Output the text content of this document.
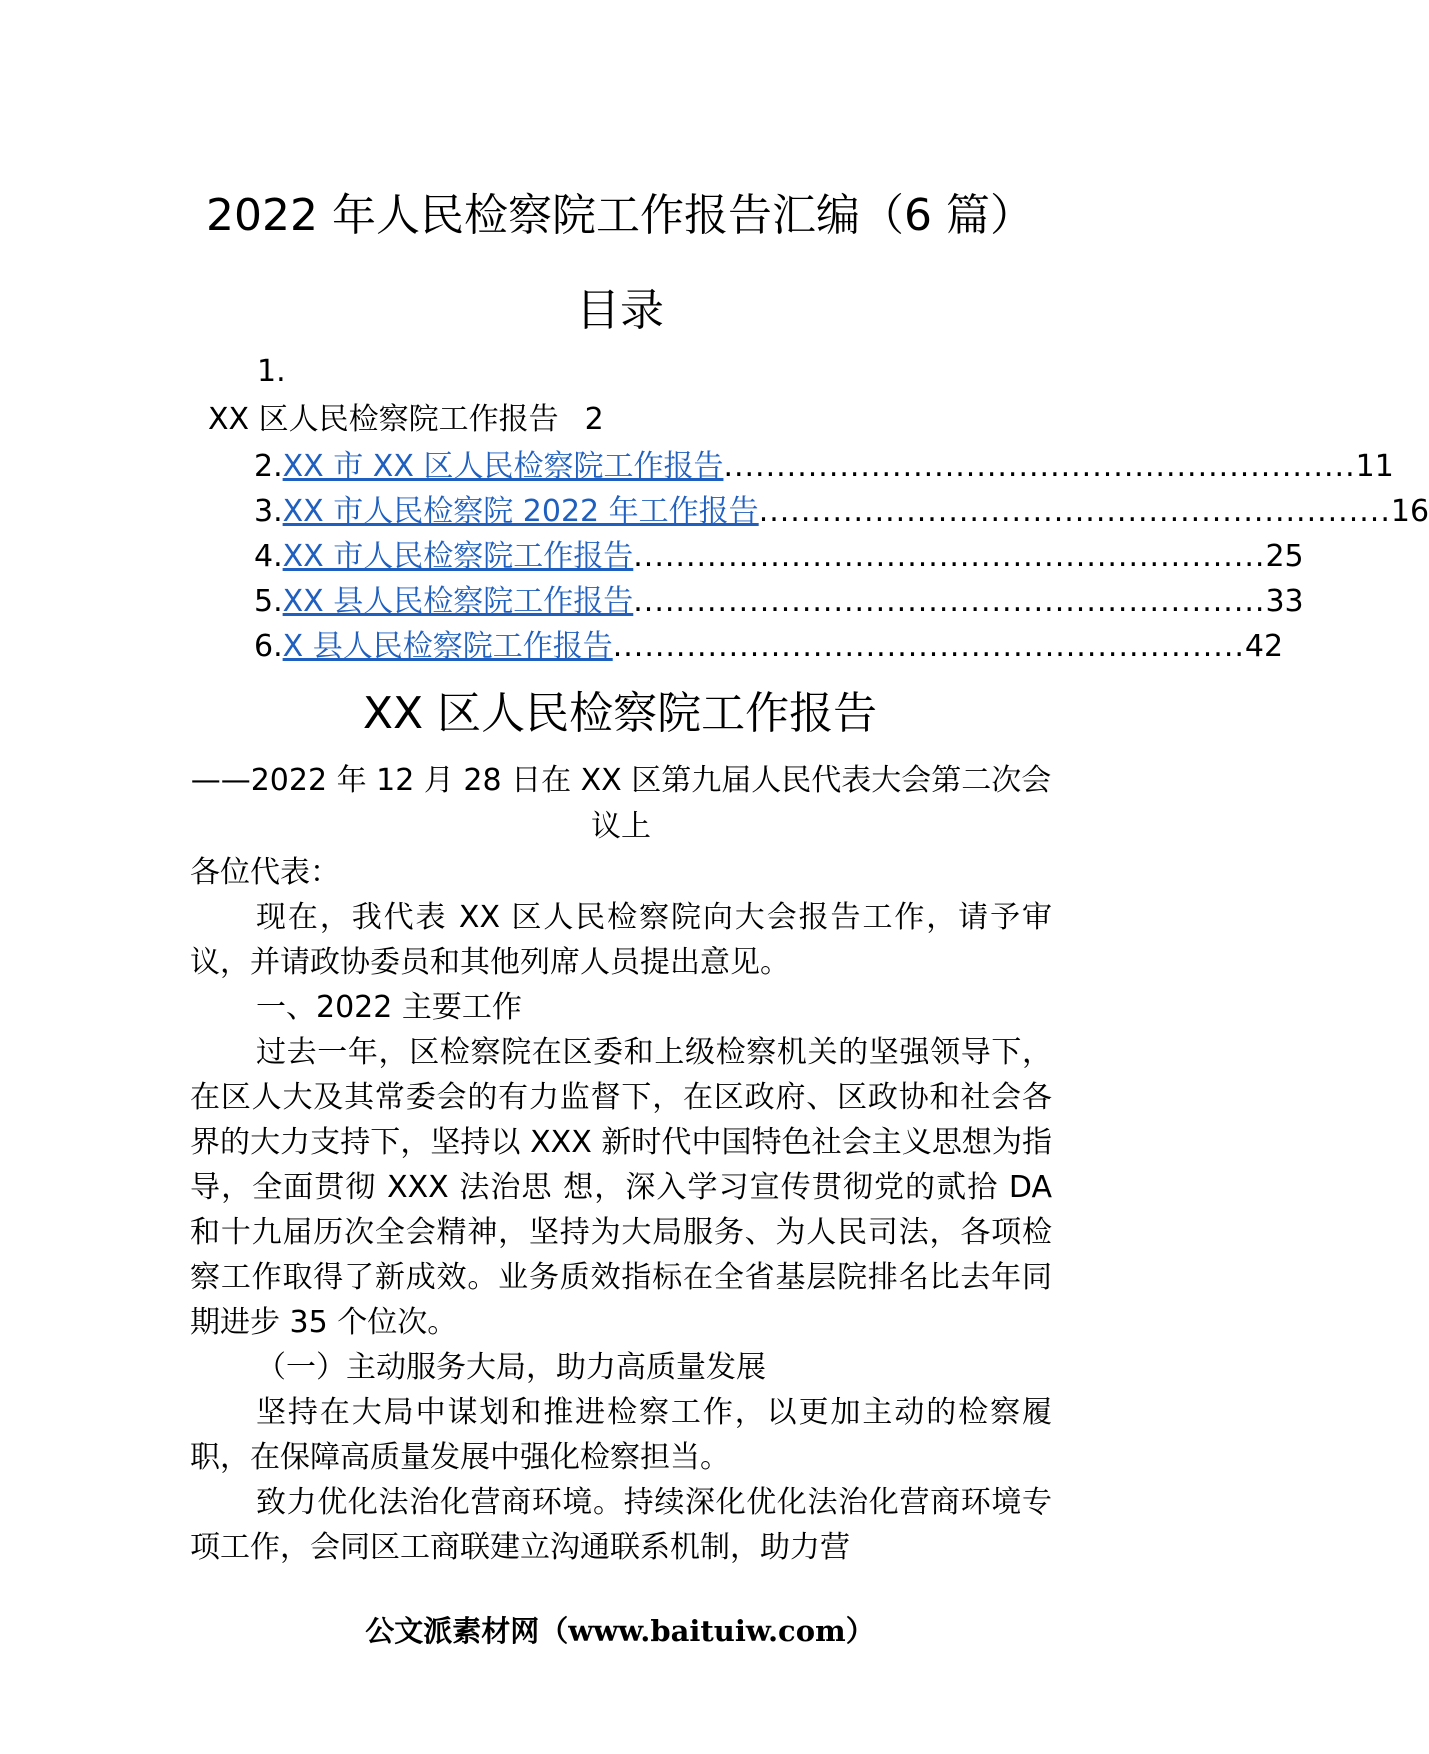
2022 年人民检察院工作报告汇编（6 篇）
目录
1.
XX 区人民检察院工作报告 2
2. XX 市 XX 区人民检察院工作报告 ............................................................ 11
3. XX 市人民检察院 2022 年工作报告 ............................................................ 16
4. XX 市人民检察院工作报告 ............................................................ 25
5. XX 县人民检察院工作报告 ............................................................ 33
6. X 县人民检察院工作报告 ............................................................ 42
XX 区人民检察院工作报告
——2022 年 12 月 28 日在 XX 区第九届人民代表大会第二次会议上

各位代表：

现在，我代表 XX 区人民检察院向大会报告工作，请予审议，并请政协委员和其他列席人员提出意见。

一、2022 主要工作

过去一年，区检察院在区委和上级检察机关的坚强领导下，在区人大及其常委会的有力监督下，在区政府、区政协和社会各界的大力支持下，坚持以 XXX 新时代中国特色社会主义思想为指导，全面贯彻 XXX 法治思 想，深入学习宣传贯彻党的贰拾 DA 和十九届历次全会精神，坚持为大局服务、为人民司法，各项检察工作取得了新成效。业务质效指标在全省基层院排名比去年同期进步 35 个位次。

（一）主动服务大局，助力高质量发展

坚持在大局中谋划和推进检察工作，以更加主动的检察履职，在保障高质量发展中强化检察担当。

致力优化法治化营商环境。持续深化优化法治化营商环境专项工作，会同区工商联建立沟通联系机制，助力营

公文派素材网（www.baituiw.com）
